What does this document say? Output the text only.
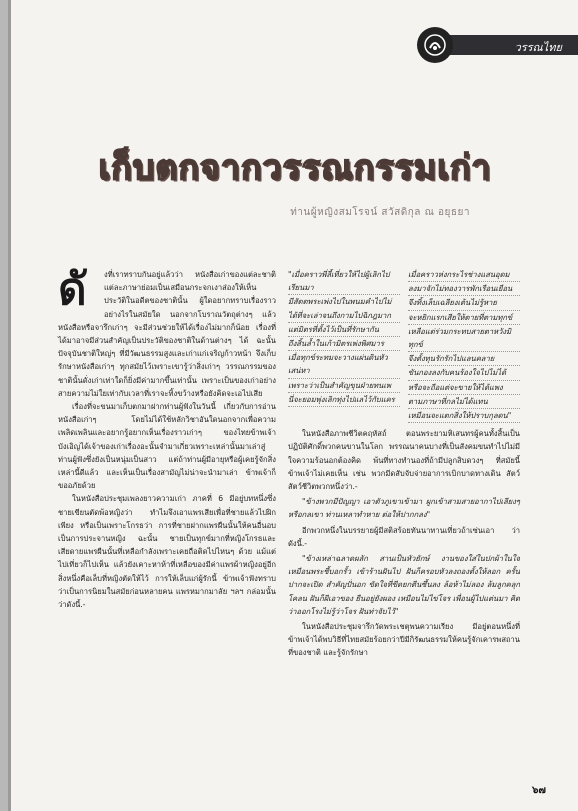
วรรณไทย
เก็บตกจากวรรณกรรมเก่า
ท่านผู้หญิงสมโรจน์ สวัสดิกุล ณ อยุธยา
ดั	งที่เราทราบกันอยู่แล้วว่า หนังสือเก่าของแต่ละชาติแต่ละภาษาย่อมเป็นเสมือนกระจกเงาส่องให้เห็นประวัติในอดีตของชาตินั้น ผู้ใดอยากทราบเรื่องราวอย่างไรในสมัยใด นอกจากโบราณวัตถุต่างๆ แล้ว หนังสือหรือจารึกเก่าๆ จะมีส่วนช่วยให้ได้เรื่องไม่มากก็น้อย เรื่องที่ได้มาอาจมีส่วนสำคัญเป็นประวัติของชาติในด้านต่างๆ ได้ ฉะนั้น ปัจจุบันชาติใหญ่ๆ ที่มีวัฒนธรรมสูงและเก่าแก่เจริญก้าวหน้า จึงเก็บรักษาหนังสือเก่าๆ ทุกสมัยไว้เพราะเขารู้ว่าสิ่งเก่าๆ วรรณกรรมของชาตินั้นดั่งเก่าเท่าใดก็ยิ่งมีค่ามากขึ้นเท่านั้น เพราะเป็นของเก่าอย่างสายความไม่ใยเท่ากับเวลาที่เราจะทิ้งขว้างหรือยังคิดจะเอไปเสีย

เรื่องที่จะขนมาเก็บตกมาฝากท่านผู้ฟังในวันนี้ เกี่ยวกับการอ่านหนังสือเก่าๆ โดยไม่ได้ใช้หลักวิชาอันใดนอกจากเพื่อความเพลิดเพลินและอยากรู้อยากเห็นเรื่องราวเก่าๆ ของไทยข้าพเจ้าบังเอิญได้เจ้าของเก่าเรื่องอะนั้นจำมาเกี่ยวเพราะเหล่านั้นมาเล่าสู่ท่านผู้ฟังซึ่งยังเป็นหนุ่มเป็นสาว แต่ถ้าท่านผู้มีอายุหรือผู้เคยรู้จักสิ่งเหล่านี้ดีแล้ว และเห็นเป็นเรื่องสามัญไม่น่าจะนำมาเล่า ข้าพเจ้าก็ขออภัยด้วย

ในหนังสือประชุมเพลงยาวความเก่า ภาคที่ 6 มีอยู่บทหนึ่งซึ่งชายเขียนตัดพ้อหญิงว่า ทำไมจึงเอาแพรเสียเพื่อที่ชายแล้วไปฝิกเพียง หรือเป็นเพราะโกรธว่า การที่ชายฝากแพรผืนนั้นให้คนอื่นอบ เป็นการประจานหญิง ฉะนั้น ชายเป็นทุกข์มากที่หญิงโกรธและเสียดายแพรผืนนั้นที่เหลือกำลังเพราะเคยถือติดไปไหนๆ ด้วย แม้แต่ไปเที่ยวก็ไปเห็น แล้วยังเคาะหาห้าที่เหลือของมีค่าแพรผ้าหญิงอยู่อีกสิ่งหนึ่งคือเล็บที่หญิงตัดให้ไว้ การให้เล็บแก่ผู้รักนี้ ข้าพเจ้าฟังทราบว่าเป็นการนิยมในสมัยก่อนหลายคน แพรหมากมาลัย ฯลฯ กล่อมนั้นว่าดังนี้.-

"เมื่อคราวพี่ลี้เที่ยวให้ไปผู้เลิกไปเรียนมา
มีสัตตพระเพ่งไปในพนมคำไปไม่ได้ที่จะเล่าจนถึงกามไปฉิกฎมาก
แต่มิตรที่ตั้งไว้เป็นที่รักษากัน
ถึงสิ้นล้ำในเก้ามิตรเพ่งพิศมาร
เมื่อทุกข์ระทมจะวางแผ่นดินหัวเสน่หา
เพราะว่าเป็นสำคัญขุนฝ่ายทนเพ
นี่จะยอมพุ่งเลิกทุ่งไปแลไว้กับแคร
เมื่อคราวห่งกระไรช่างแสนอุดม
ลงมาจักไม่ทองวารพักเรือนเยือน
จึงทิ้งเล็บเฉลียงเต้นไม่รู้หาย
จะหยิกแรกเสียให้ตายที่ตามทุกข์
เหลือแต่ร่วมกระทบสายตาหวังมิทุกข์
จึงตั้งทุนรักรักไปแลนคลาย
ขันกองลงกับคนร้องใจไปไม่ได้
หรือจะถือแต่จะขายให้ได้แพง
ตามภาษาที่กลไม่ได้แทน
เหมือนจะแตกสิ่งให้ปราบกุลดน"

ในหนังสือภาพชีวิตคฤหัสถ์ ตอนพระยามหิเสนทรผู้คนทั้งสิ้นเป็นปฏิบัติศักดิ์พวกคนขานในโลก พรรณนาคนบางที่เป็นสังคมขนทำไปไม่มีใจความร้อนอกต้องคิด พ้นที่ทางทำนองที่ถ้ามีปลูกสิบดวงๆ ที่สมัยนี้ข้าพเจ้าไม่เคยเห็น เช่น พวกมีดสับจับจ่ายอาการเบิกบาดทางเดิน สัตว์สัตว์ชีวิตพวกหนึ่งว่า.-

"ข้างพวกมีปัญญา เอาตัวภูเขาเข้ามา ผูกเข้าสามสายอากาไปเลียงๆ หรือกลเขา ท่านเหลาทำหาย ต่อให้ปากกลง"

อีกพวกหนึ่งในบรรยายผู้มีสติสร้อยทันนาทานเที่ยวถ้าเซ่นเอา ว่าดังนี้.-

"ข้างเหล่าฉลาดผลัก สานเป็นหัวยักษ์ งานของใส่ในปกผ้าในใจ เหมือนพระชี้บอกรั้ว เข้าร้านฝันไป ฝันก็ครอบหัวลงถองตั้งให้ลอก ครั้นปากจะเปิด สำคัญปั่นอก ขัดใจที่ขีดยกตีนซึ้นลง ล้อห้าไม่ลอง ล้มลูกคลุกโคลน ฝันก็ผีเอาของ ยืนอยู่ยังผอง เหมือนไม่ไข่โจร เพื่อนผู้ไปแต่นมา คิดว่าออกโรงไม่รู้ว่าโจร ฝันท่าจับไว้"

ในหนังสือประชุมจารึกวัดพระเชตุพนความเรียง มีอยู่ตอนหนึ่งที่ข้าพเจ้าได้พบวิธีที่ไทยสมัยร้อยกว่าปีมีกิรัฒนธรรมให้คนรู้จักเคารพสถานที่ของชาติ และรู้จักรักษา

๖๗
